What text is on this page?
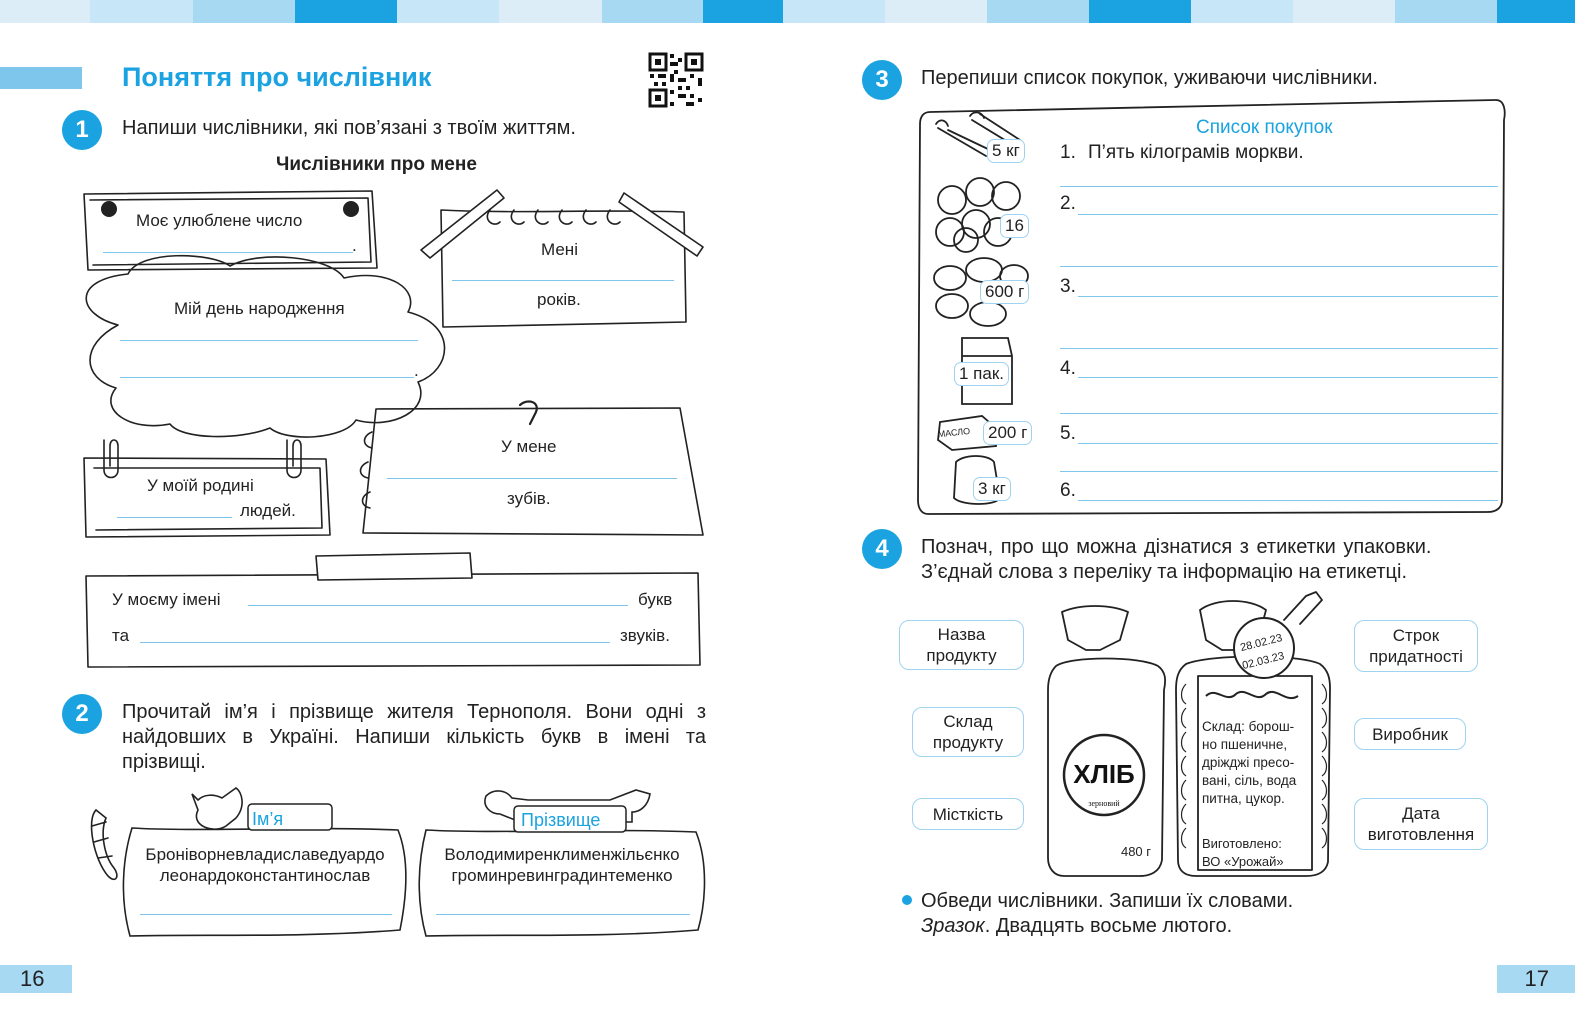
Поняття про числівник
1	Напиши числівники, які пов’язані з твоїм життям.
Числівники про мене
Моє улюблене число
.	Мені
років.
Мій день народження
.
У мене
зубів.
У моїй родині
людей.
У моєму імені	букв
та	звуків.
2	Прочитай ім’я і прізвище жителя Тернополя. Вони одні з найдовших в Україні. Напиши кількість букв в імені та прізвищі.
Ім’я	Прізвище
Броніворневладиславедуардо
леонардоконстантинослав
Володимиренклименжільєнко
громинревинградинтеменко
16
3	Перепиши список покупок, уживаючи числівники.
МАСЛО
Список покупок
5 кг
16
600 г
1 пак.
200 г
3 кг
1. П’ять кілограмів моркви.
2.
3.
4.
5.
6.
4	Познач, про що можна дізнатися з етикетки упаковки.
З’єднай слова з переліку та інформацію на етикетці.
Назва
продукту
Склад
продукту
Місткість
Строк
придатності
Виробник
Дата
виготовлення
ХЛІБ
зерновий
480 г
28.02.23
02.03.23
Склад: борош-
но пшеничне,
дріжджі пресо-
вані, сіль, вода
питна, цукор.
Виготовлено:
ВО «Урожай»
Обведи числівники. Запиши їх словами.
Зразок. Двадцять восьме лютого.
17
